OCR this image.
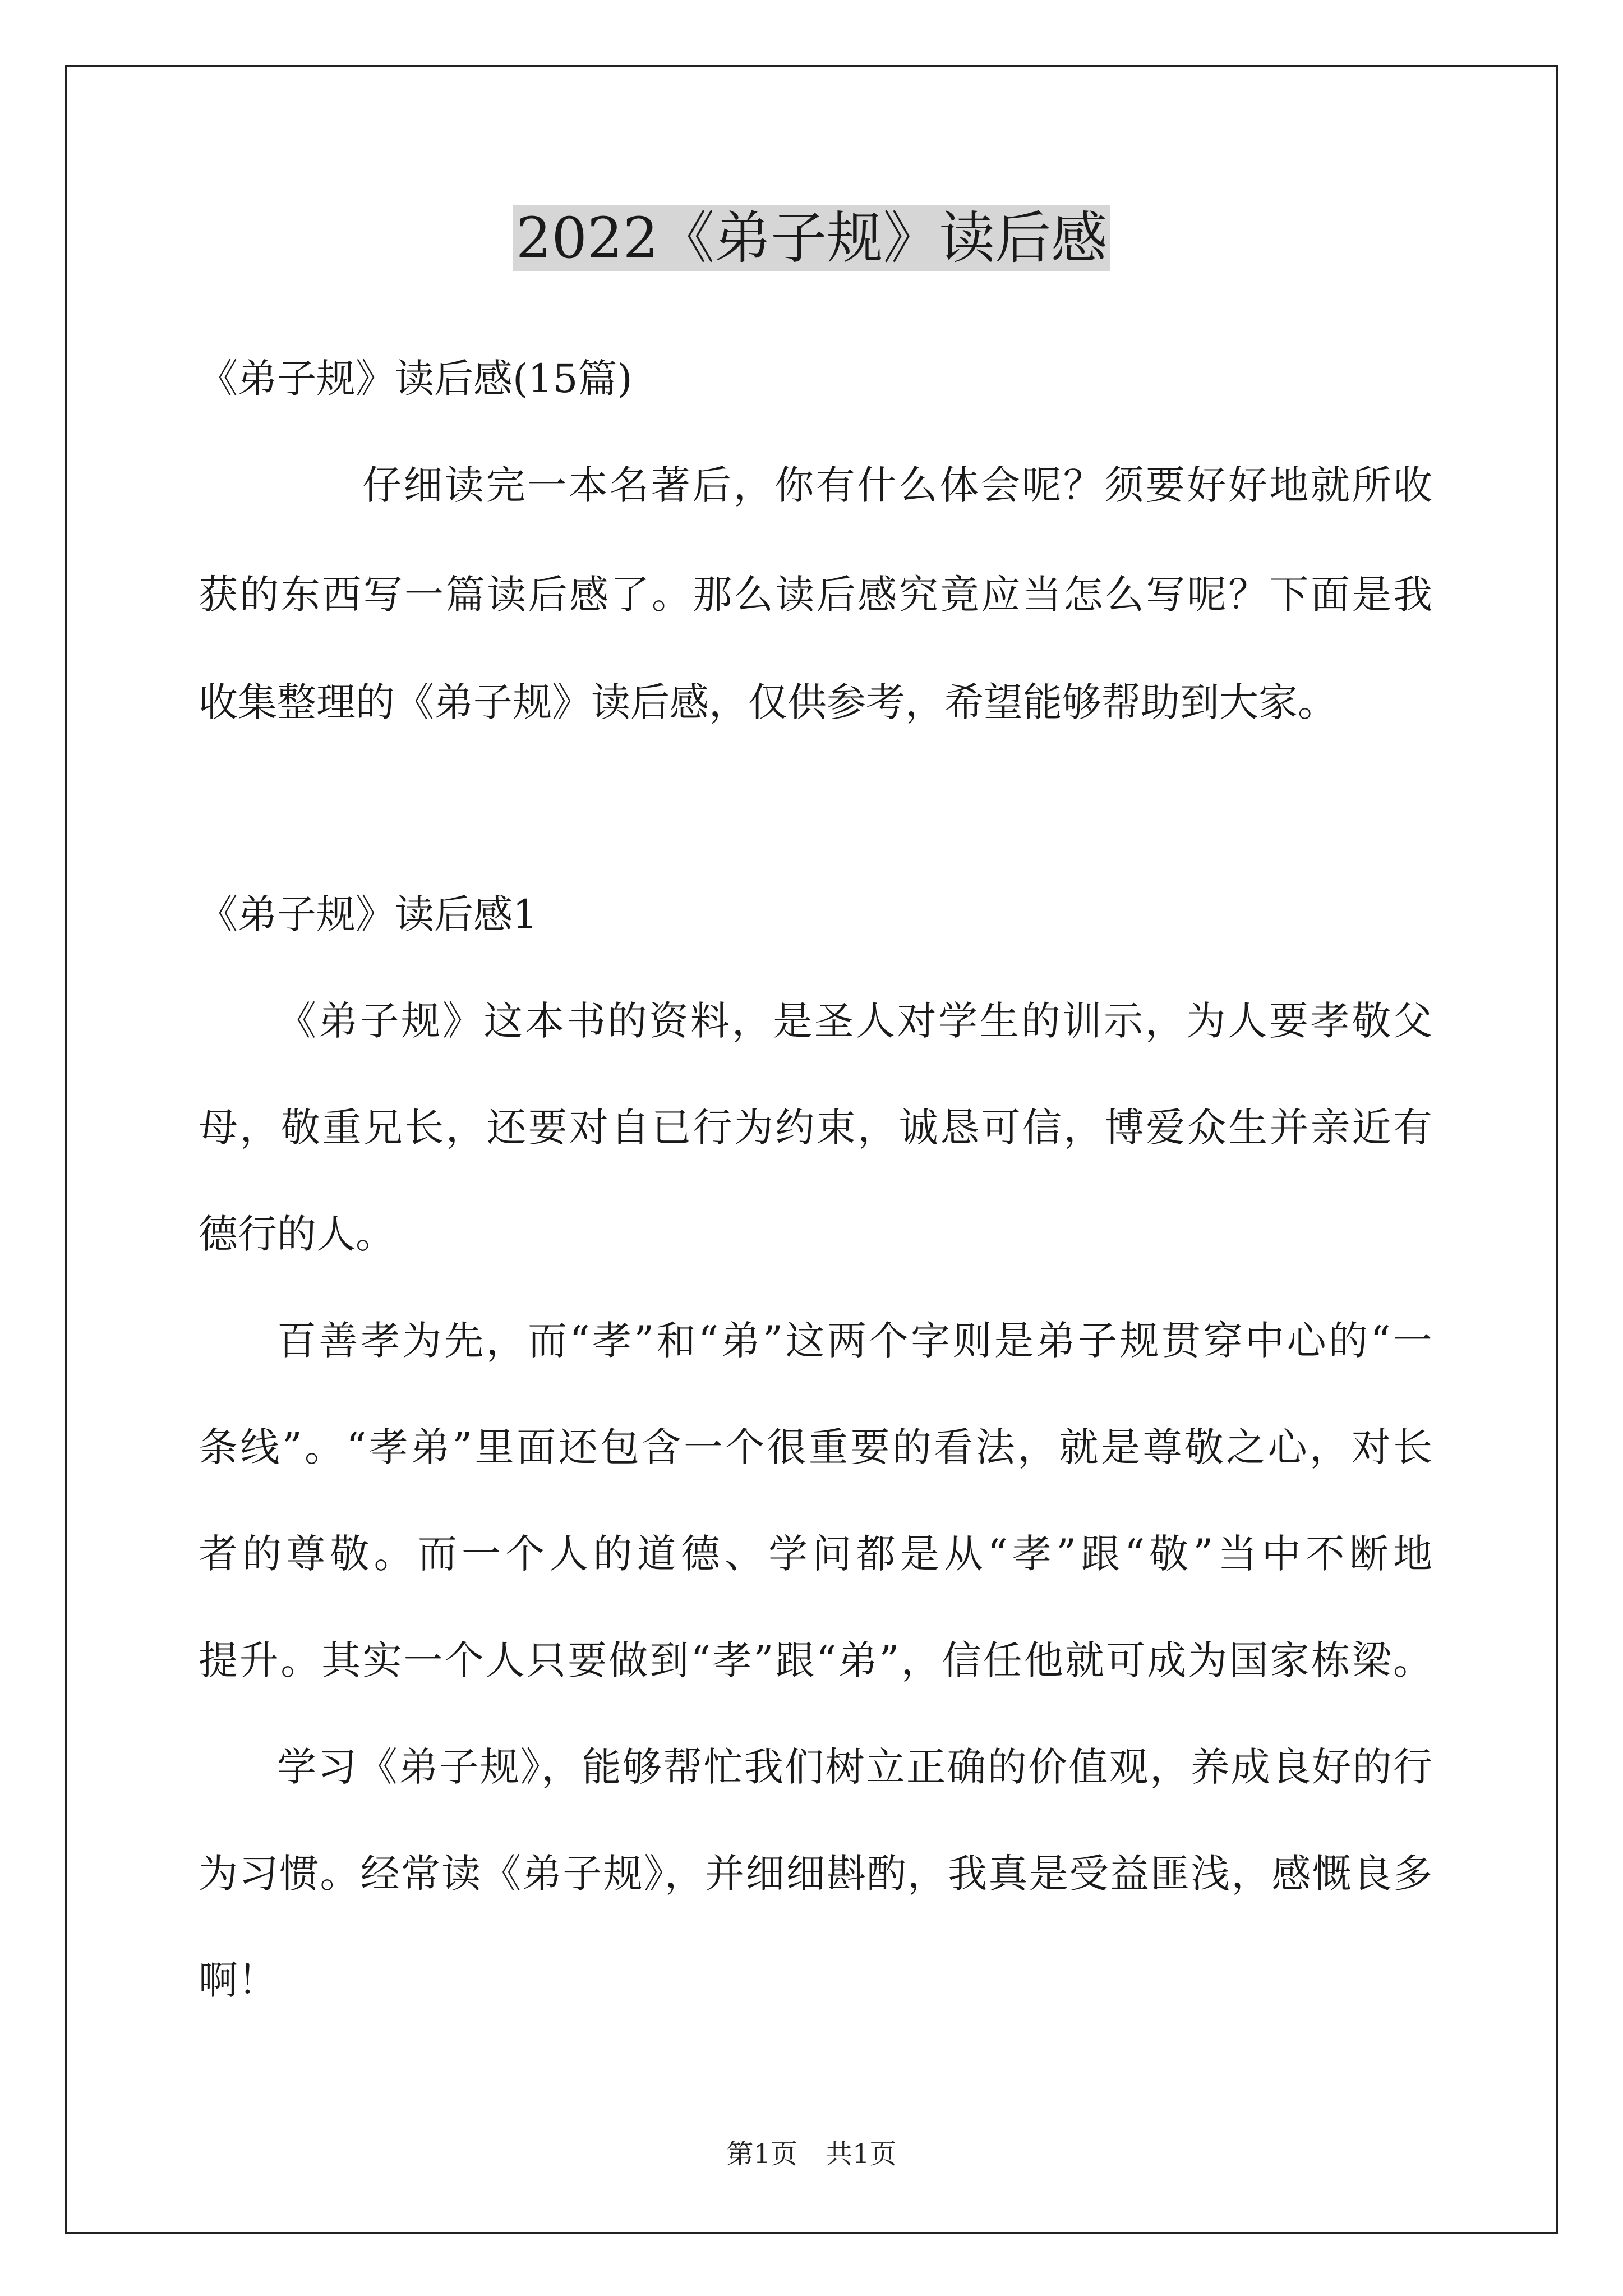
2022《弟子规》读后感
《弟子规》读后感(15篇)
仔细读完一本名著后，你有什么体会呢？须要好好地就所收
获的东西写一篇读后感了。那么读后感究竟应当怎么写呢？下面是我
收集整理的《弟子规》读后感，仅供参考，希望能够帮助到大家。
《弟子规》读后感1
《弟子规》这本书的资料，是圣人对学生的训示，为人要孝敬父
母，敬重兄长，还要对自已行为约束，诚恳可信，博爱众生并亲近有
德行的人。
百善孝为先，而“孝”和“弟”这两个字则是弟子规贯穿中心的“一
条线”。“孝弟”里面还包含一个很重要的看法，就是尊敬之心，对长
者的尊敬。而一个人的道德、学问都是从“孝”跟“敬”当中不断地
提升。其实一个人只要做到“孝”跟“弟”，信任他就可成为国家栋梁。
学习《弟子规》，能够帮忙我们树立正确的价值观，养成良好的行
为习惯。经常读《弟子规》，并细细斟酌，我真是受益匪浅，感慨良多
啊！
第1页 共1页
